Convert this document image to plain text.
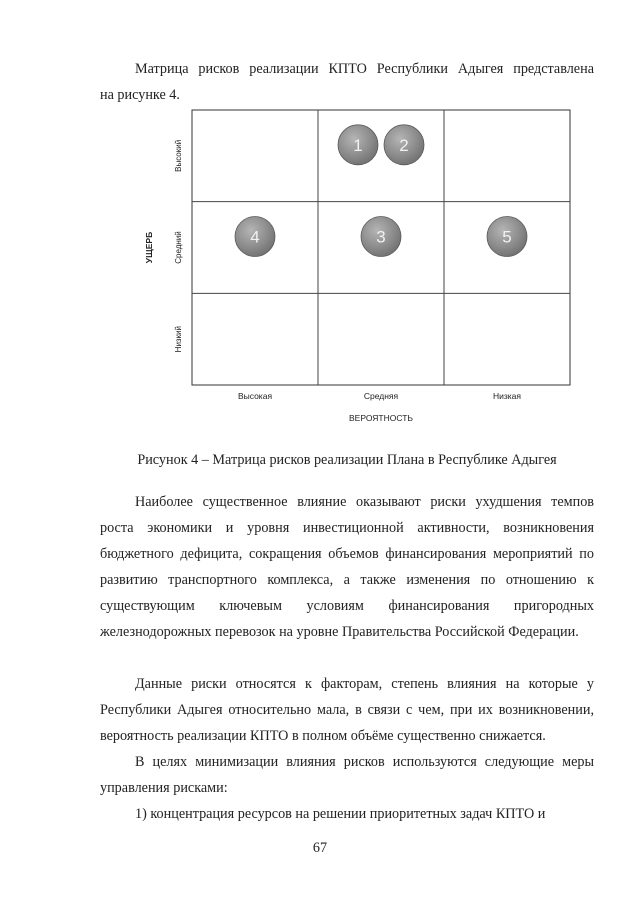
Матрица рисков реализации КПТО Республики Адыгея представлена
на рисунке 4.

1 2
3
4	5
Высокая	Средняя	Низкая
Низкий
Средний
Высокий
ВЕРОЯТНОСТЬ
УЩЕРБ

Рисунок 4 – Матрица рисков реализации Плана в Республике Адыгея

Наиболее существенное влияние оказывают риски ухудшения темпов роста экономики и уровня инвестиционной активности, возникновения бюджетного дефицита, сокращения объемов финансирования мероприятий по развитию транспортного комплекса, а также изменения по отношению к существующим ключевым условиям финансирования пригородных железнодорожных перевозок на уровне Правительства Российской Федерации.

Данные риски относятся к факторам, степень влияния на которые у Республики Адыгея относительно мала, в связи с чем, при их возникновении, вероятность реализации КПТО в полном объёме существенно снижается.

В целях минимизации влияния рисков используются следующие меры управления рисками:

1) концентрация ресурсов на решении приоритетных задач КПТО и

67
